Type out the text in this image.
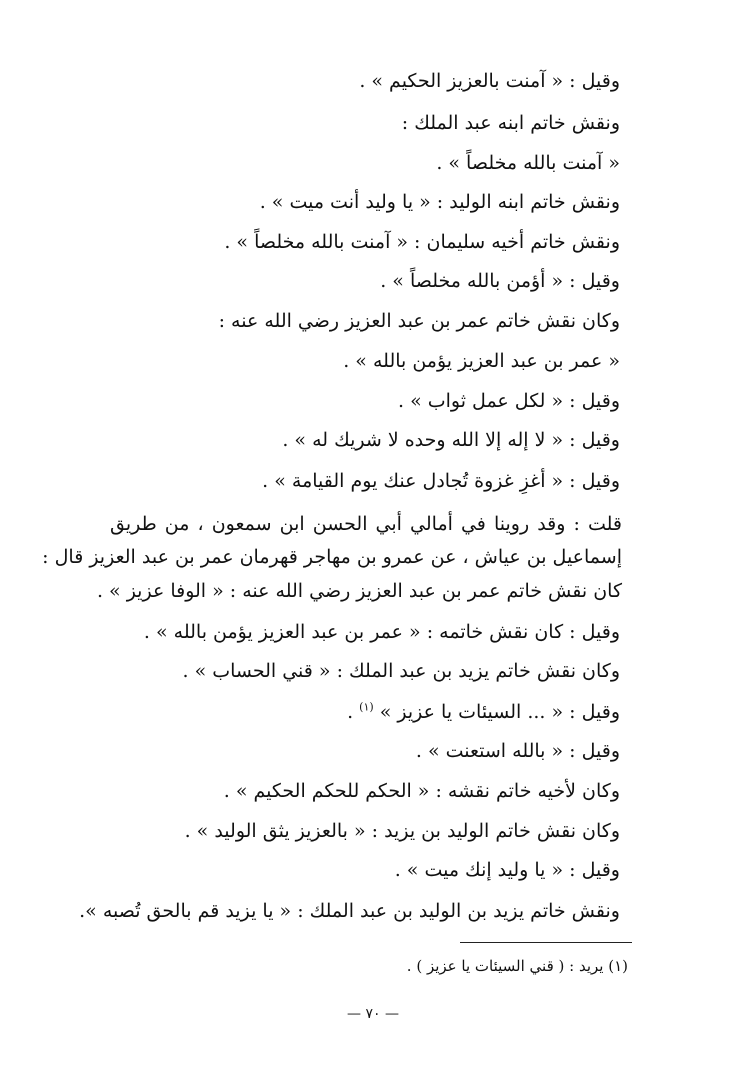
وقيل : « آمنت بالعزيز الحكيم » .
ونقش خاتم ابنه عبد الملك :
« آمنت بالله مخلصاً » .
ونقش خاتم ابنه الوليد : « يا وليد أنت ميت » .
ونقش خاتم أخيه سليمان : « آمنت بالله مخلصاً » .
وقيل : « أؤمن بالله مخلصاً » .
وكان نقش خاتم عمر بن عبد العزيز رضي الله عنه :
« عمر بن عبد العزيز يؤمن بالله » .
وقيل : « لكل عمل ثواب » .
وقيل : « لا إله إلا الله وحده لا شريك له » .
وقيل : « أغزِ غزوة تُجادل عنك يوم القيامة » .
قلت : وقد روينا في أمالي أبي الحسن ابن سمعون ، من طريق
إسماعيل بن عياش ، عن عمرو بن مهاجر قهرمان عمر بن عبد العزيز قال :
كان نقش خاتم عمر بن عبد العزيز رضي الله عنه : « الوفا عزيز » .
وقيل : كان نقش خاتمه : « عمر بن عبد العزيز يؤمن بالله » .
وكان نقش خاتم يزيد بن عبد الملك : « قني الحساب » .
وقيل : « ... السيئات يا عزيز » $^{(١)}$ .
وقيل : « بالله استعنت » .
وكان لأخيه خاتم نقشه : « الحكم للحكم الحكيم » .
وكان نقش خاتم الوليد بن يزيد : « بالعزيز يثق الوليد » .
وقيل : « يا وليد إنك ميت » .
ونقش خاتم يزيد بن الوليد بن عبد الملك : « يا يزيد قم بالحق تُصبه ».
(١) يريد : ( قني السيئات يا عزيز ) .
— ٧٠ —
